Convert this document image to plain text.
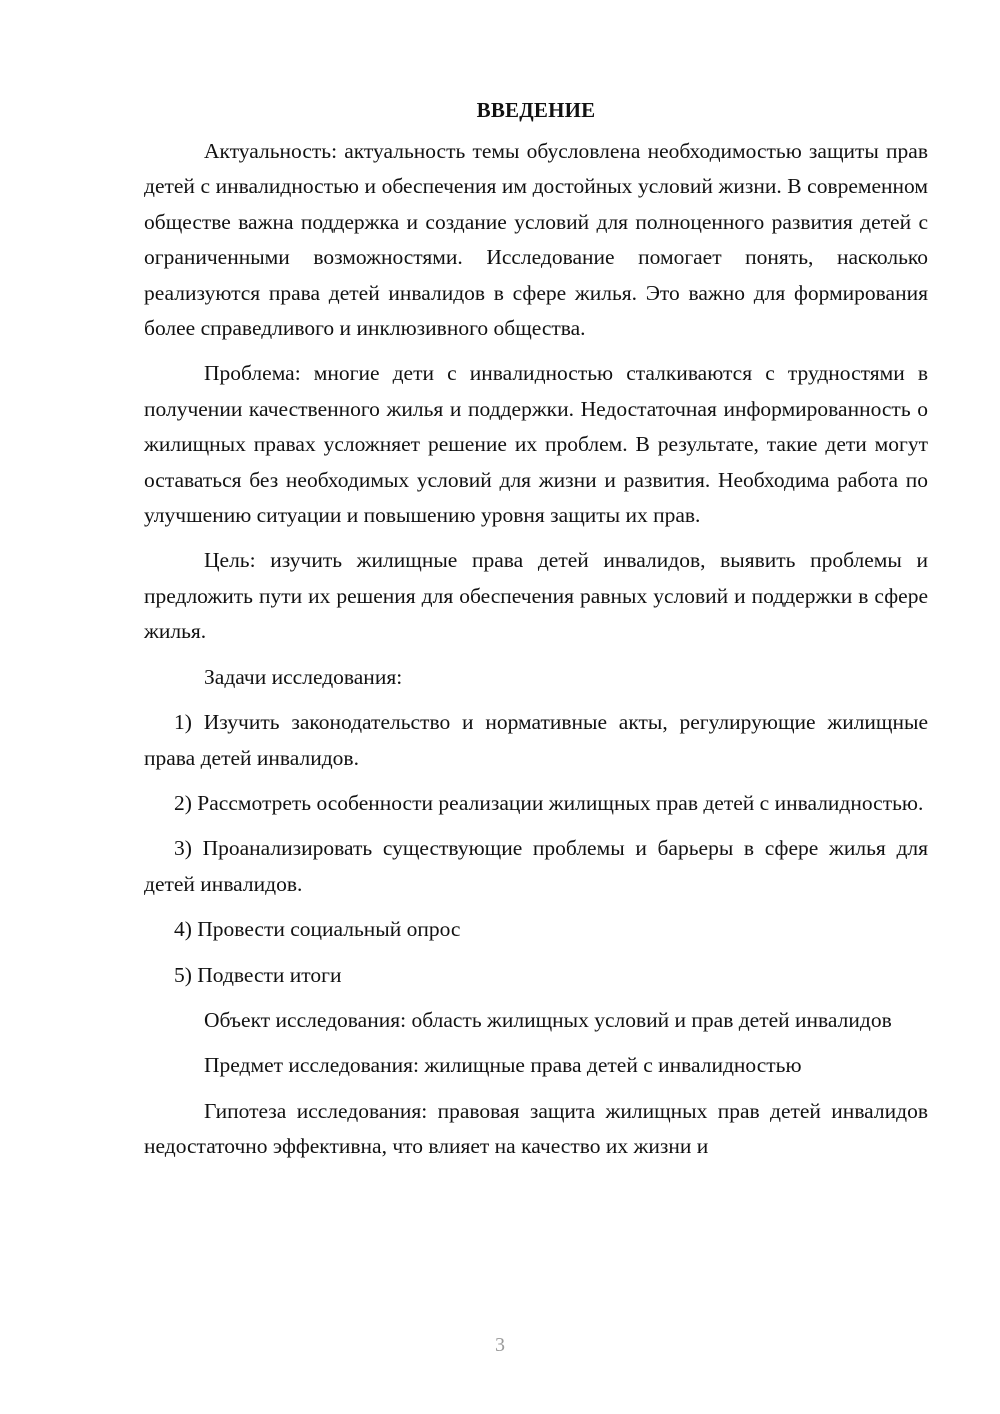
ВВЕДЕНИЕ

Актуальность: актуальность темы обусловлена необходимостью защиты прав детей с инвалидностью и обеспечения им достойных условий жизни. В современном обществе важна поддержка и создание условий для полноценного развития детей с ограниченными возможностями. Исследование помогает понять, насколько реализуются права детей инвалидов в сфере жилья. Это важно для формирования более справедливого и инклюзивного общества.

Проблема: многие дети с инвалидностью сталкиваются с трудностями в получении качественного жилья и поддержки. Недостаточная информированность о жилищных правах усложняет решение их проблем. В результате, такие дети могут оставаться без необходимых условий для жизни и развития. Необходима работа по улучшению ситуации и повышению уровня защиты их прав.

Цель: изучить жилищные права детей инвалидов, выявить проблемы и предложить пути их решения для обеспечения равных условий и поддержки в сфере жилья.

Задачи исследования:

1) Изучить законодательство и нормативные акты, регулирующие жилищные права детей инвалидов.

2) Рассмотреть особенности реализации жилищных прав детей с инвалидностью.

3) Проанализировать существующие проблемы и барьеры в сфере жилья для детей инвалидов.

4) Провести социальный опрос

5) Подвести итоги

Объект исследования: область жилищных условий и прав детей инвалидов

Предмет исследования: жилищные права детей с инвалидностью

Гипотеза исследования: правовая защита жилищных прав детей инвалидов недостаточно эффективна, что влияет на качество их жизни и

3
